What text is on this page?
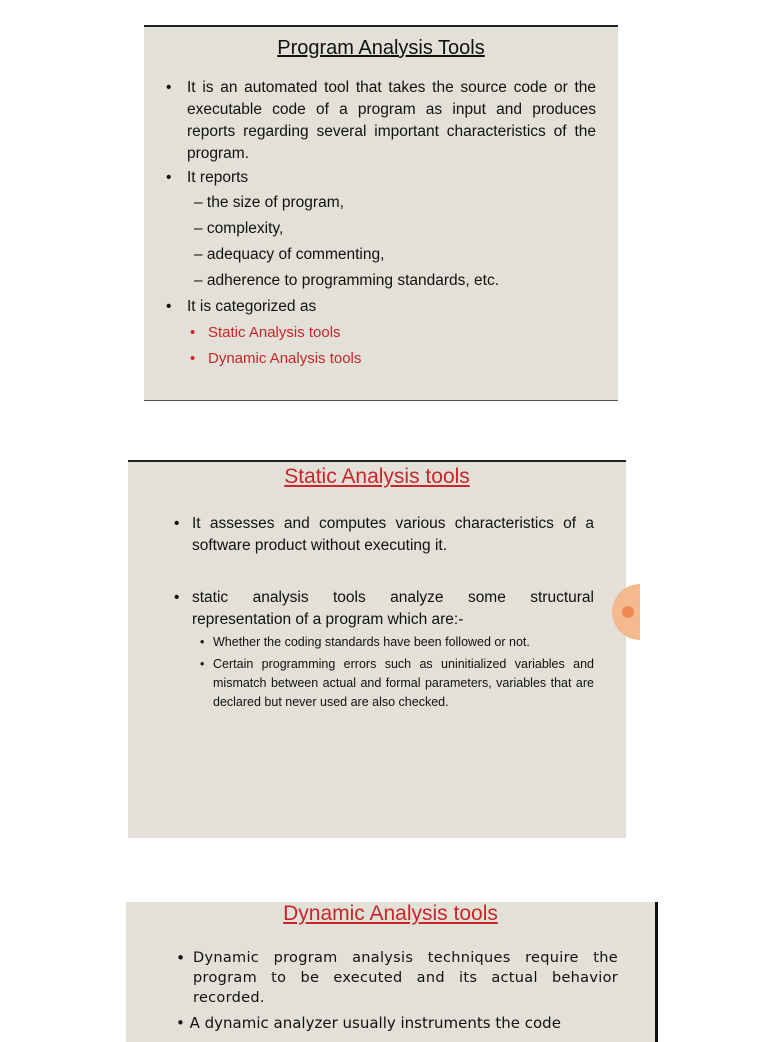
Program Analysis Tools
• It is an automated tool that takes the source code or the executable code of a program as input and produces reports regarding several important characteristics of the program.
• It reports
– the size of program,
– complexity,
– adequacy of commenting,
– adherence to programming standards, etc.
• It is categorized as
• Static Analysis tools
• Dynamic Analysis tools
Static Analysis tools
• It assesses and computes various characteristics of a software product without executing it.
• static analysis tools analyze some structural representation of a program which are:-
• Whether the coding standards have been followed or not.
• Certain programming errors such as uninitialized variables and mismatch between actual and formal parameters, variables that are declared but never used are also checked.
Dynamic Analysis tools
• Dynamic program analysis techniques require the program to be executed and its actual behavior recorded.
• A dynamic analyzer usually instruments the code
